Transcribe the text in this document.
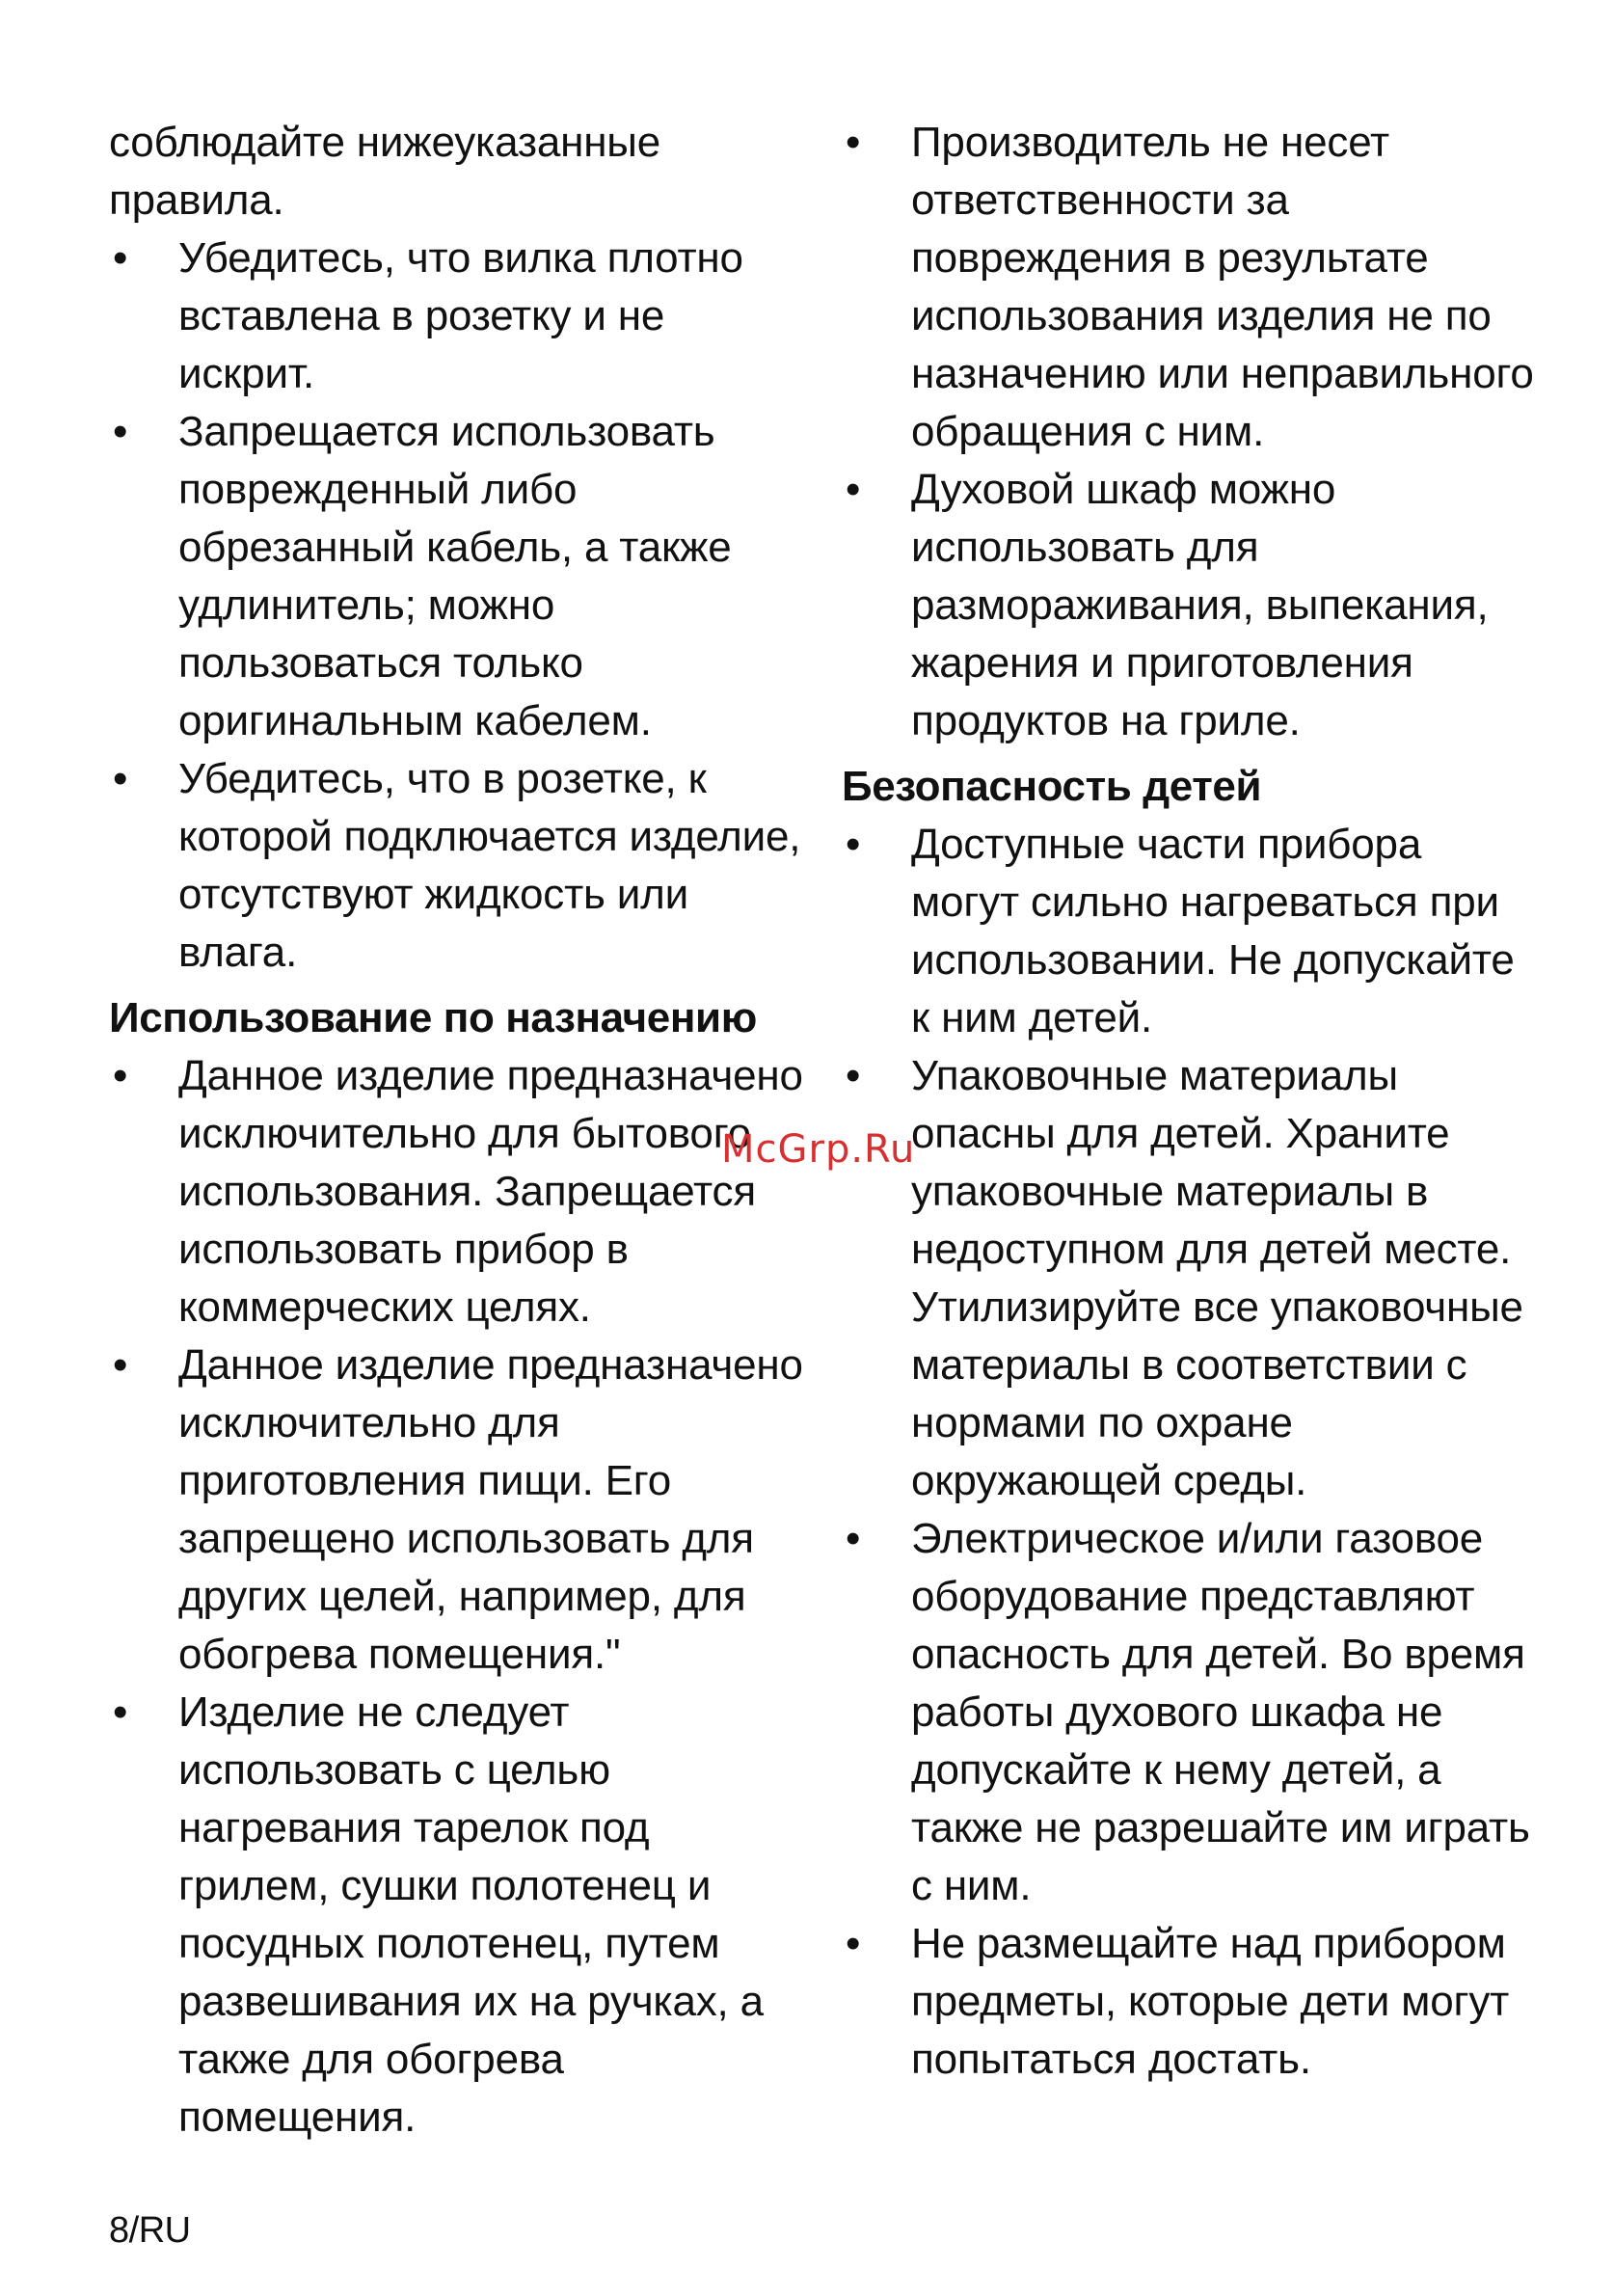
соблюдайте нижеуказанные правила.

• Убедитесь, что вилка плотно вставлена в розетку и не искрит.
• Запрещается использовать поврежденный либо обрезанный кабель, а также удлинитель; можно пользоваться только оригинальным кабелем.
• Убедитесь, что в розетке, к которой подключается изделие, отсутствуют жидкость или влага.
Использование по назначению
• Данное изделие предназначено исключительно для бытового использования. Запрещается использовать прибор в коммерческих целях.
• Данное изделие предназначено исключительно для приготовления пищи. Его запрещено использовать для других целей, например, для обогрева помещения."
• Изделие не следует использовать с целью нагревания тарелок под грилем, сушки полотенец и посудных полотенец, путем развешивания их на ручках, а также для обогрева помещения.
• Производитель не несет ответственности за повреждения в результате использования изделия не по назначению или неправильного обращения с ним.
• Духовой шкаф можно использовать для размораживания, выпекания, жарения и приготовления продуктов на гриле.
Безопасность детей
• Доступные части прибора могут сильно нагреваться при использовании. Не допускайте к ним детей.
• Упаковочные материалы опасны для детей. Храните упаковочные материалы в недоступном для детей месте. Утилизируйте все упаковочные материалы в соответствии с нормами по охране окружающей среды.
• Электрическое и/или газовое оборудование представляют опасность для детей. Во время работы духового шкафа не допускайте к нему детей, а также не разрешайте им играть с ним.
• Не размещайте над прибором предметы, которые дети могут попытаться достать.
McGrp.Ru
8/RU
